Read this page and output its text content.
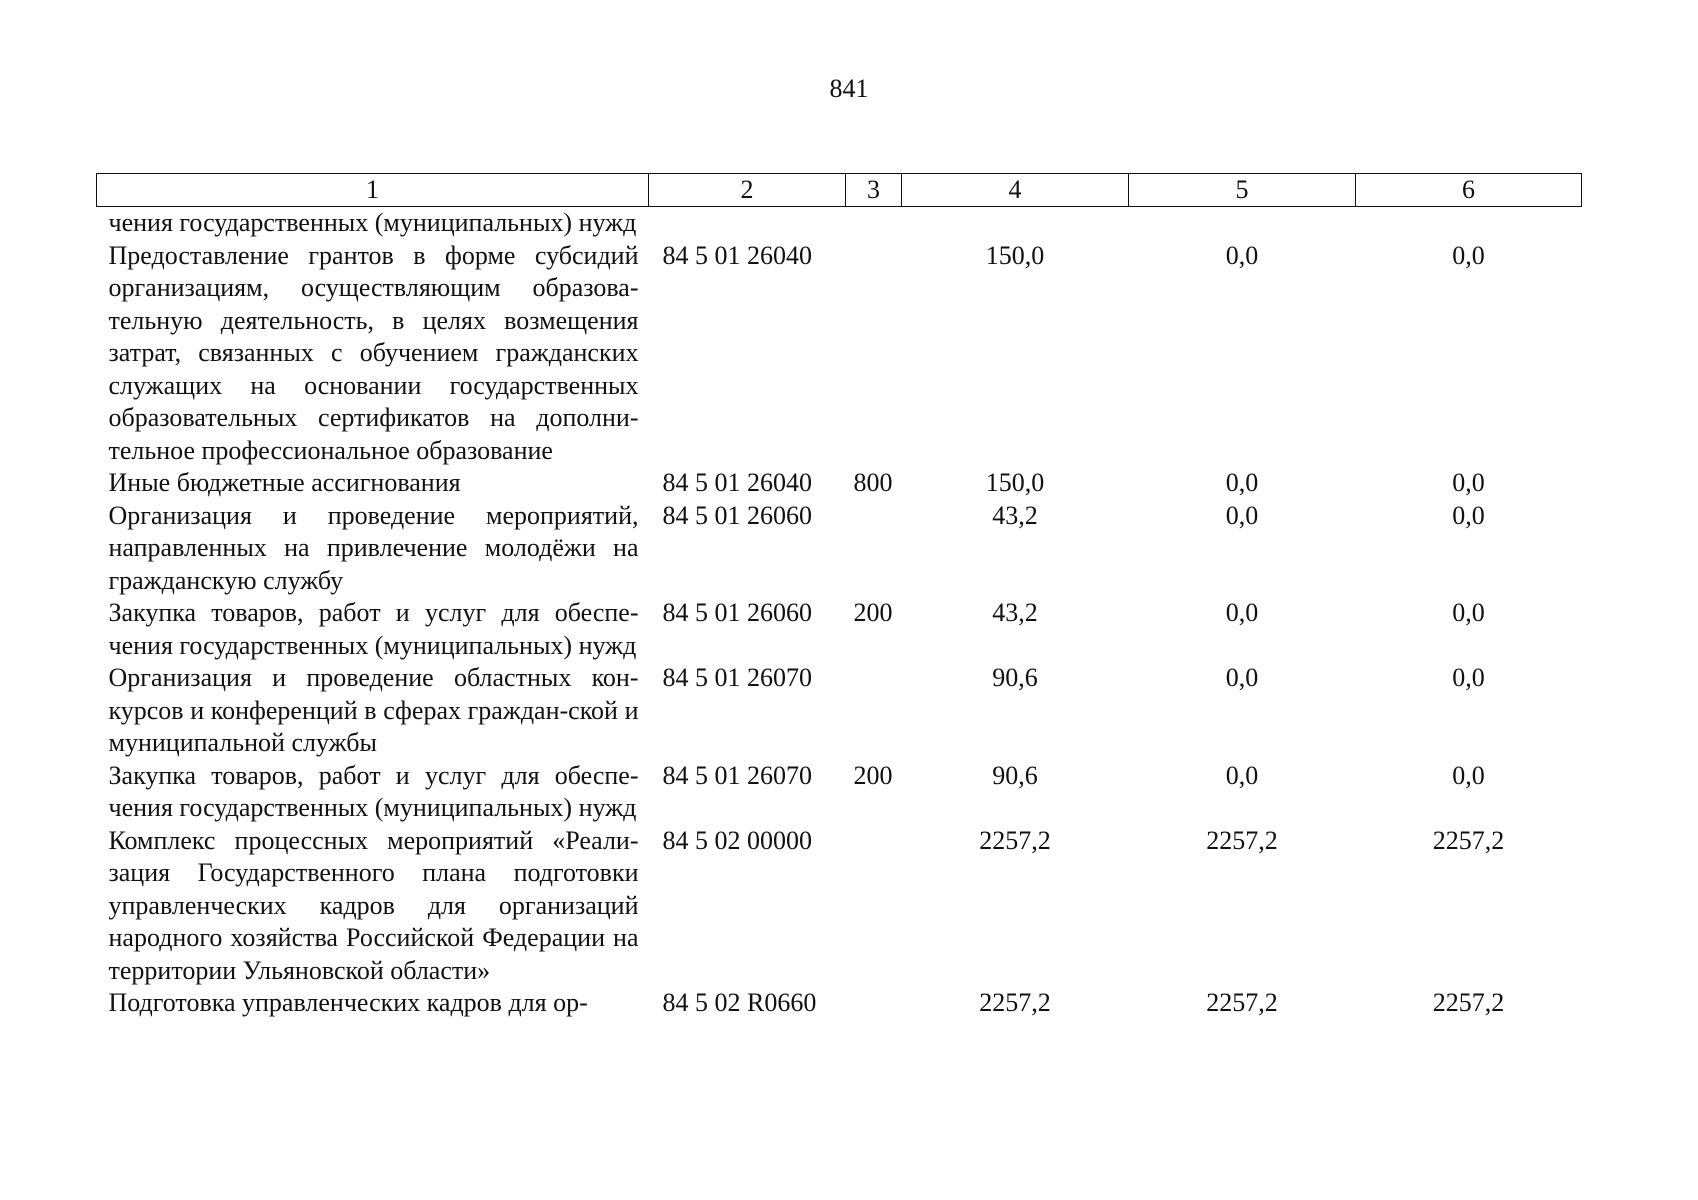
841
1	2	3	4	5	6
чения государственных (муниципальных) нужд					
Предоставление грантов в форме субсидий организациям, осуществляющим образова-тельную деятельность, в целях возмещения затрат, связанных с обучением гражданских служащих на основании государственных образовательных сертификатов на дополни-тельное профессиональное образование	84 5 01 26040		150,0	0,0	0,0
Иные бюджетные ассигнования	84 5 01 26040	800	150,0	0,0	0,0
Организация и проведение мероприятий, направленных на привлечение молодёжи на гражданскую службу	84 5 01 26060		43,2	0,0	0,0
Закупка товаров, работ и услуг для обеспе-чения государственных (муниципальных) нужд	84 5 01 26060	200	43,2	0,0	0,0
Организация и проведение областных кон-курсов и конференций в сферах граждан-ской и муниципальной службы	84 5 01 26070		90,6	0,0	0,0
Закупка товаров, работ и услуг для обеспе-чения государственных (муниципальных) нужд	84 5 01 26070	200	90,6	0,0	0,0
Комплекс процессных мероприятий «Реали-зация Государственного плана подготовки управленческих кадров для организаций народного хозяйства Российской Федерации на территории Ульяновской области»	84 5 02 00000		2257,2	2257,2	2257,2
Подготовка управленческих кадров для ор-	84 5 02 R0660		2257,2	2257,2	2257,2
